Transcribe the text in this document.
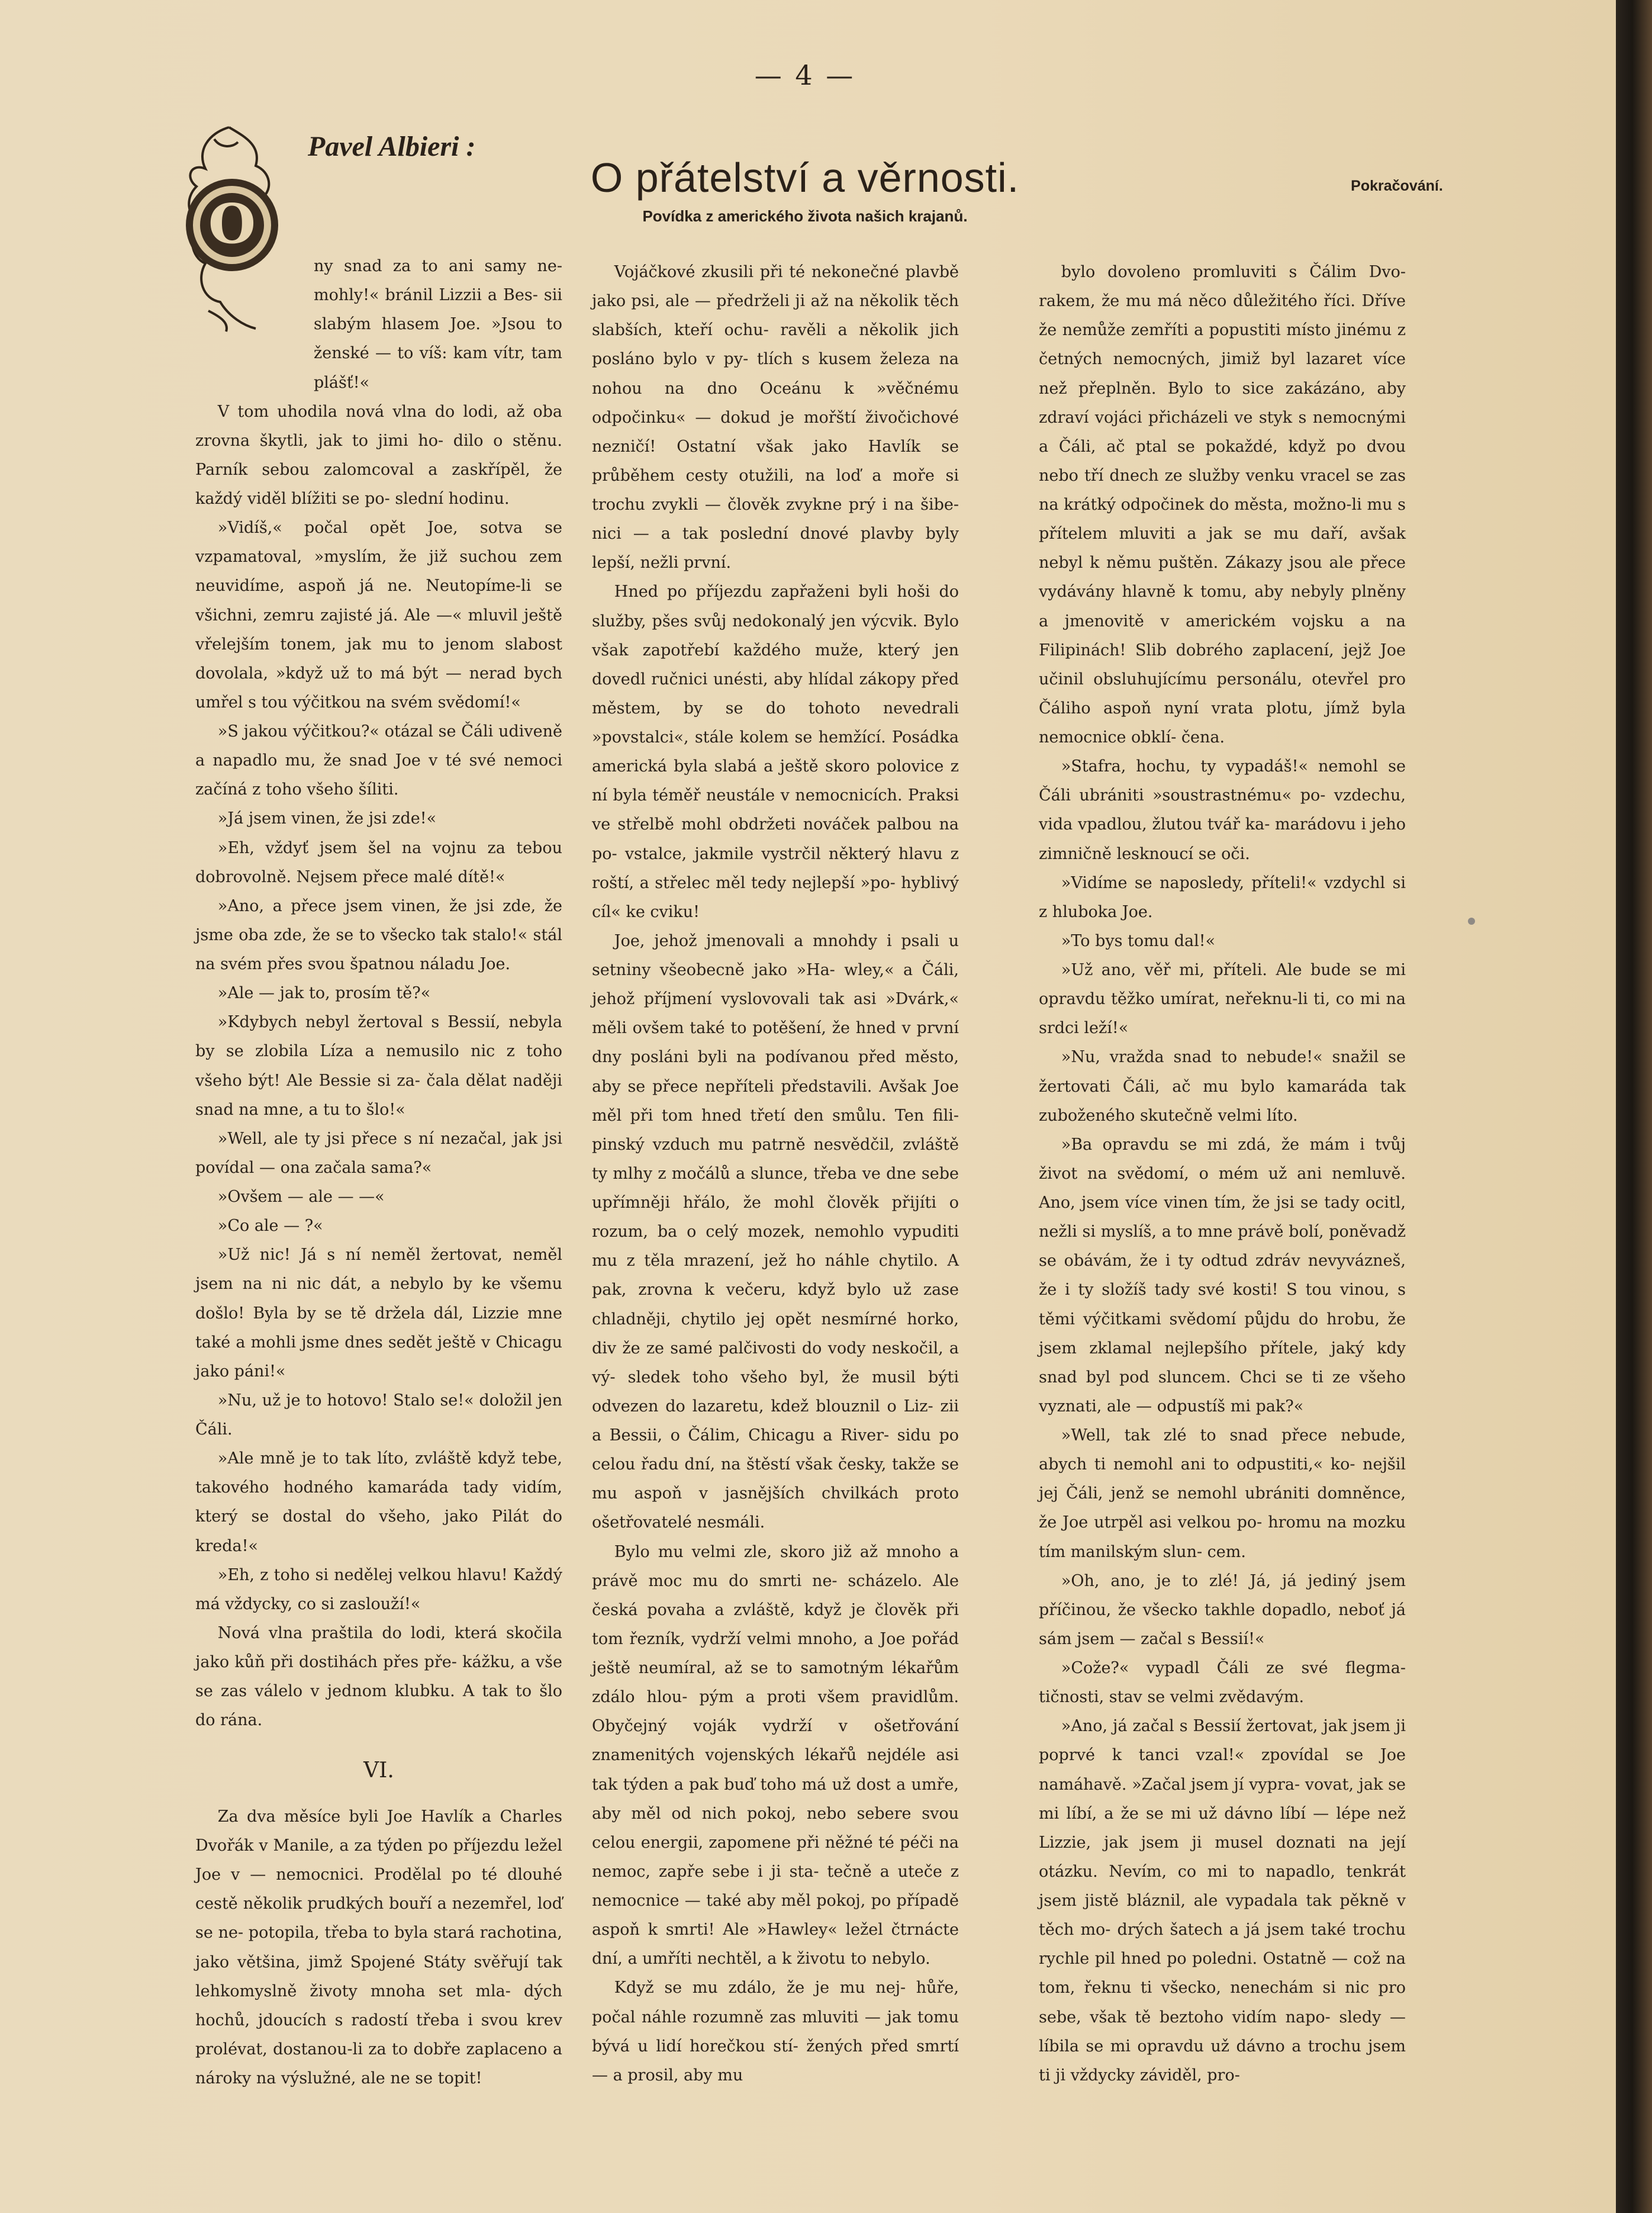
— 4 —
Pavel Albieri :
O přátelství a věrnosti.
Povídka z amerického života našich krajanů.
Pokračování.
O

ny snad za to ani samy ne- mohly!« bránil Lizzii a Bes- sii slabým hlasem Joe. »Jsou to ženské — to víš: kam vítr, tam plášť!«

V tom uhodila nová vlna do lodi, až oba zrovna škytli, jak to jimi ho- dilo o stěnu. Parník sebou zalomcoval a zaskřípěl, že každý viděl blížiti se po- slední hodinu.

»Vidíš,« počal opět Joe, sotva se vzpamatoval, »myslím, že již suchou zem neuvidíme, aspoň já ne. Neutopíme-li se všichni, zemru zajisté já. Ale —« mluvil ještě vřelejším tonem, jak mu to jenom slabost dovolala, »když už to má být — nerad bych umřel s tou výčitkou na svém svědomí!«

»S jakou výčitkou?« otázal se Čáli udiveně a napadlo mu, že snad Joe v té své nemoci začíná z toho všeho šíliti.

»Já jsem vinen, že jsi zde!«

»Eh, vždyť jsem šel na vojnu za tebou dobrovolně. Nejsem přece malé dítě!«

»Ano, a přece jsem vinen, že jsi zde, že jsme oba zde, že se to všecko tak stalo!« stál na svém přes svou špatnou náladu Joe.

»Ale — jak to, prosím tě?«

»Kdybych nebyl žertoval s Bessií, nebyla by se zlobila Líza a nemusilo nic z toho všeho být! Ale Bessie si za- čala dělat naději snad na mne, a tu to šlo!«

»Well, ale ty jsi přece s ní nezačal, jak jsi povídal — ona začala sama?«

»Ovšem — ale — —«

»Co ale — ?«

»Už nic! Já s ní neměl žertovat, neměl jsem na ni nic dát, a nebylo by ke všemu došlo! Byla by se tě držela dál, Lizzie mne také a mohli jsme dnes sedět ještě v Chicagu jako páni!«

»Nu, už je to hotovo! Stalo se!« doložil jen Čáli.

»Ale mně je to tak líto, zvláště když tebe, takového hodného kamaráda tady vidím, který se dostal do všeho, jako Pilát do kreda!«

»Eh, z toho si nedělej velkou hlavu! Každý má vždycky, co si zaslouží!«

Nová vlna praštila do lodi, která skočila jako kůň při dostihách přes pře- kážku, a vše se zas válelo v jednom klubku. A tak to šlo do rána.

VI.

Za dva měsíce byli Joe Havlík a Charles Dvořák v Manile, a za týden po příjezdu ležel Joe v — nemocnici. Prodělal po té dlouhé cestě několik prudkých bouří a nezemřel, loď se ne- potopila, třeba to byla stará rachotina, jako většina, jimž Spojené Státy svěřují tak lehkomyslně životy mnoha set mla- dých hochů, jdoucích s radostí třeba i svou krev prolévat, dostanou-li za to dobře zaplaceno a nároky na výslužné, ale ne se topit!

Vojáčkové zkusili při té nekonečné plavbě jako psi, ale — předrželi ji až na několik těch slabších, kteří ochu- ravěli a několik jich posláno bylo v py- tlích s kusem železa na nohou na dno Oceánu k »věčnému odpočinku« — dokud je mořští živočichové nezničí! Ostatní však jako Havlík se průběhem cesty otužili, na loď a moře si trochu zvykli — člověk zvykne prý i na šibe- nici — a tak poslední dnové plavby byly lepší, nežli první.

Hned po příjezdu zapřaženi byli hoši do služby, pšes svůj nedokonalý jen výcvik. Bylo však zapotřebí každého muže, který jen dovedl ručnici unésti, aby hlídal zákopy před městem, by se do tohoto nevedrali »povstalci«, stále kolem se hemžící. Posádka americká byla slabá a ještě skoro polovice z ní byla téměř neustále v nemocnicích. Praksi ve střelbě mohl obdržeti nováček palbou na po- vstalce, jakmile vystrčil některý hlavu z roští, a střelec měl tedy nejlepší »po- hyblivý cíl« ke cviku!

Joe, jehož jmenovali a mnohdy i psali u setniny všeobecně jako »Ha- wley,« a Čáli, jehož příjmení vyslovovali tak asi »Dvárk,« měli ovšem také to potěšení, že hned v první dny posláni byli na podívanou před město, aby se přece nepříteli představili. Avšak Joe měl při tom hned třetí den smůlu. Ten fili- pinský vzduch mu patrně nesvědčil, zvláště ty mlhy z močálů a slunce, třeba ve dne sebe upřímněji hřálo, že mohl člověk přijíti o rozum, ba o celý mozek, nemohlo vypuditi mu z těla mrazení, jež ho náhle chytilo. A pak, zrovna k večeru, když bylo už zase chladněji, chytilo jej opět nesmírné horko, div že ze samé palčivosti do vody neskočil, a vý- sledek toho všeho byl, že musil býti odvezen do lazaretu, kdež blouznil o Liz- zii a Bessii, o Čálim, Chicagu a River- sidu po celou řadu dní, na štěstí však česky, takže se mu aspoň v jasnějších chvilkách proto ošetřovatelé nesmáli.

Bylo mu velmi zle, skoro již až mnoho a právě moc mu do smrti ne- scházelo. Ale česká povaha a zvláště, když je člověk při tom řezník, vydrží velmi mnoho, a Joe pořád ještě neumíral, až se to samotným lékařům zdálo hlou- pým a proti všem pravidlům. Obyčejný voják vydrží v ošetřování znamenitých vojenských lékařů nejdéle asi tak týden a pak buď toho má už dost a umře, aby měl od nich pokoj, nebo sebere svou celou energii, zapomene při něžné té péči na nemoc, zapře sebe i ji sta- tečně a uteče z nemocnice — také aby měl pokoj, po případě aspoň k smrti! Ale »Hawley« ležel čtrnácte dní, a umříti nechtěl, a k životu to nebylo.

Když se mu zdálo, že je mu nej- hůře, počal náhle rozumně zas mluviti — jak tomu bývá u lidí horečkou stí- žených před smrtí — a prosil, aby mu

bylo dovoleno promluviti s Čálim Dvo- rakem, že mu má něco důležitého říci. Dříve že nemůže zemříti a popustiti místo jinému z četných nemocných, jimiž byl lazaret více než přeplněn. Bylo to sice zakázáno, aby zdraví vojáci přicházeli ve styk s nemocnými a Čáli, ač ptal se pokaždé, když po dvou nebo tří dnech ze služby venku vracel se zas na krátký odpočinek do města, možno-li mu s přítelem mluviti a jak se mu daří, avšak nebyl k němu puštěn. Zákazy jsou ale přece vydávány hlavně k tomu, aby nebyly plněny a jmenovitě v americkém vojsku a na Filipinách! Slib dobrého zaplacení, jejž Joe učinil obsluhujícímu personálu, otevřel pro Čáliho aspoň nyní vrata plotu, jímž byla nemocnice obklí- čena.

»Stafra, hochu, ty vypadáš!« nemohl se Čáli ubrániti »soustrastnému« po- vzdechu, vida vpadlou, žlutou tvář ka- marádovu i jeho zimničně lesknoucí se oči.

»Vidíme se naposledy, příteli!« vzdychl si z hluboka Joe.

»To bys tomu dal!«

»Už ano, věř mi, příteli. Ale bude se mi opravdu těžko umírat, neřeknu-li ti, co mi na srdci leží!«

»Nu, vražda snad to nebude!« snažil se žertovati Čáli, ač mu bylo kamaráda tak zuboženého skutečně velmi líto.

»Ba opravdu se mi zdá, že mám i tvůj život na svědomí, o mém už ani nemluvě. Ano, jsem více vinen tím, že jsi se tady ocitl, nežli si myslíš, a to mne právě bolí, poněvadž se obávám, že i ty odtud zdráv nevyvázneš, že i ty složíš tady své kosti! S tou vinou, s těmi výčitkami svědomí půjdu do hrobu, že jsem zklamal nejlepšího přítele, jaký kdy snad byl pod sluncem. Chci se ti ze všeho vyznati, ale — odpustíš mi pak?«

»Well, tak zlé to snad přece nebude, abych ti nemohl ani to odpustiti,« ko- nejšil jej Čáli, jenž se nemohl ubrániti domněnce, že Joe utrpěl asi velkou po- hromu na mozku tím manilským slun- cem.

»Oh, ano, je to zlé! Já, já jediný jsem příčinou, že všecko takhle dopadlo, neboť já sám jsem — začal s Bessií!«

»Cože?« vypadl Čáli ze své flegma- tičnosti, stav se velmi zvědavým.

»Ano, já začal s Bessií žertovat, jak jsem ji poprvé k tanci vzal!« zpovídal se Joe namáhavě. »Začal jsem jí vypra- vovat, jak se mi líbí, a že se mi už dávno líbí — lépe než Lizzie, jak jsem ji musel doznati na její otázku. Nevím, co mi to napadlo, tenkrát jsem jistě bláznil, ale vypadala tak pěkně v těch mo- drých šatech a já jsem také trochu rychle pil hned po poledni. Ostatně — což na tom, řeknu ti všecko, nenechám si nic pro sebe, však tě beztoho vidím napo- sledy — líbila se mi opravdu už dávno a trochu jsem ti ji vždycky záviděl, pro-
